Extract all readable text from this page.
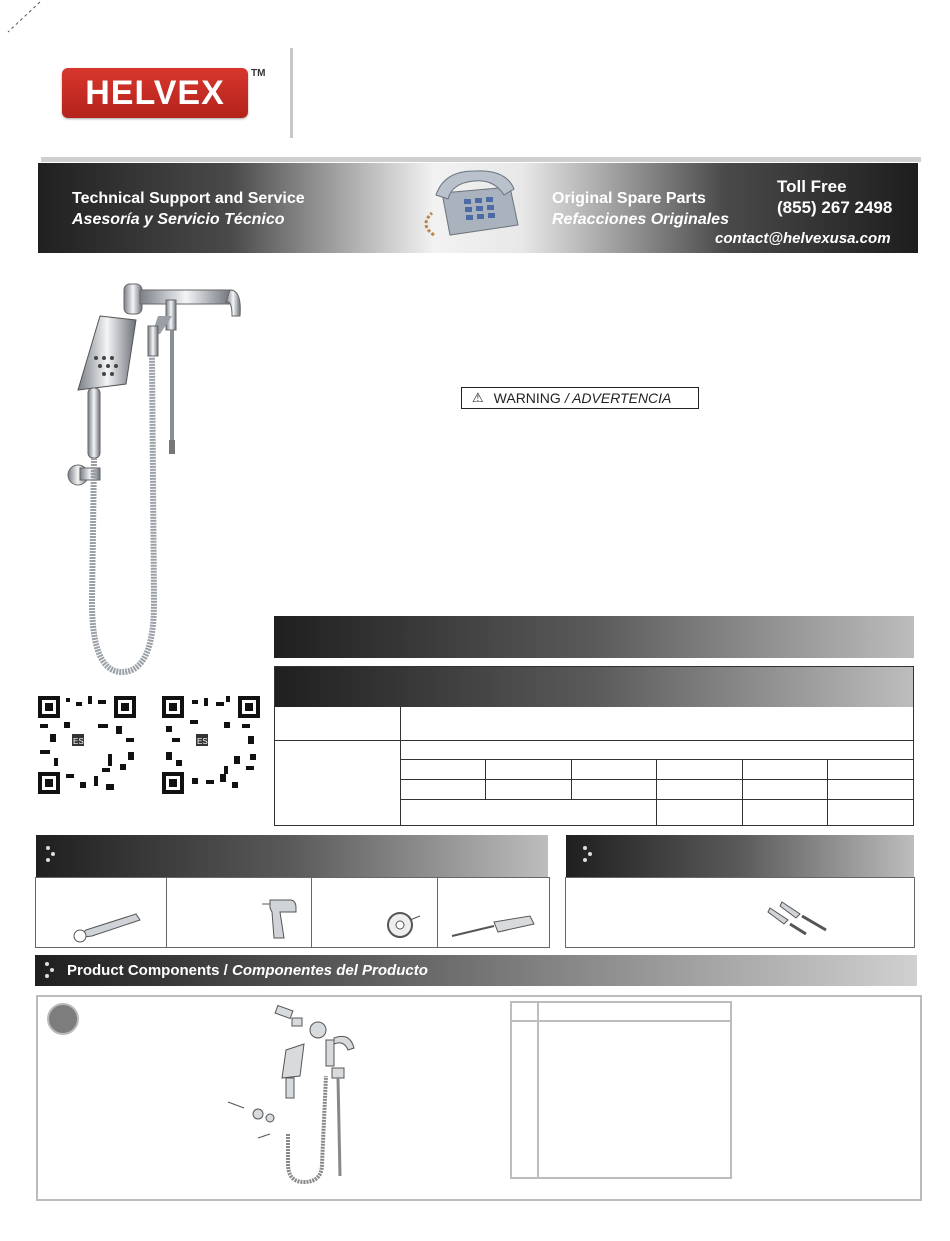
HELVEX	TM
Technical Support and Service
Asesoría y Servicio Técnico
Original Spare Parts
Refacciones Originales
Toll Free
(855) 267 2498
contact@helvexusa.com
⚠ WARNING / ADVERTENCIA
ES	ES
Product Components / Componentes del Producto
